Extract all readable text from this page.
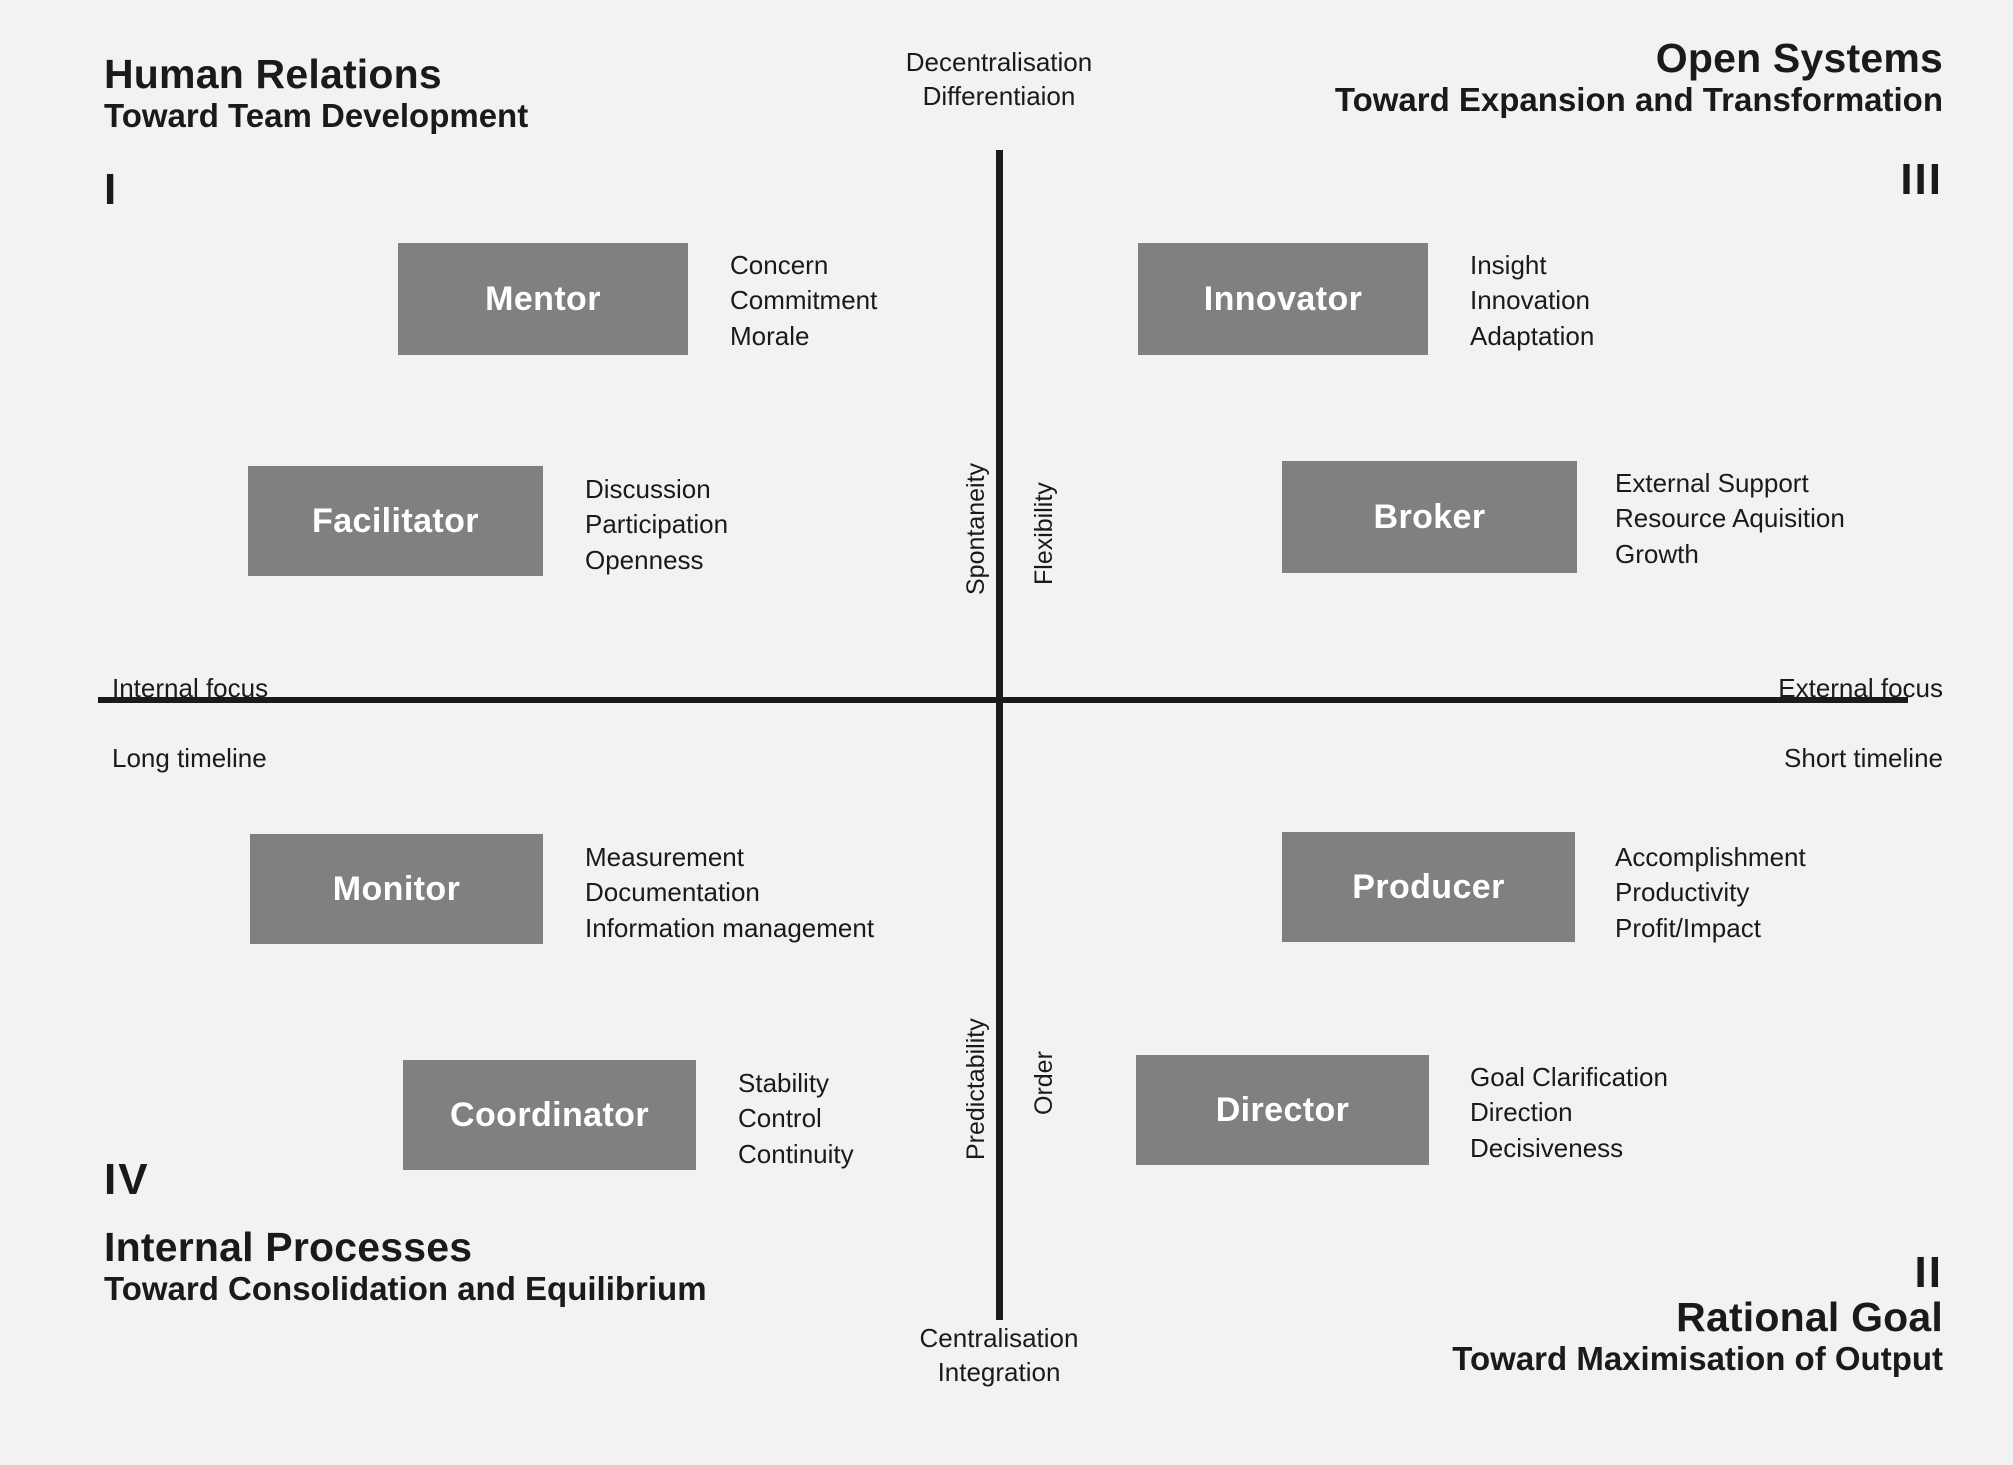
Human Relations
Toward Team Development
I
Open Systems
Toward Expansion and Transformation
III
Internal Processes
Toward Consolidation and Equilibrium
IV
Rational Goal
Toward Maximisation of Output
II
Mentor
Concern
Commitment
Morale
Facilitator
Discussion
Participation
Openness
Innovator
Insight
Innovation
Adaptation
Broker
External Support
Resource Aquisition
Growth
Monitor
Measurement
Documentation
Information management
Coordinator
Stability
Control
Continuity
Producer
Accomplishment
Productivity
Profit/Impact
Director
Goal Clarification
Direction
Decisiveness
Decentralisation
Differentiaion
Centralisation
Integration
Internal focus
Long timeline
External focus
Short timeline
Spontaneity Flexibility
Predictability Order
